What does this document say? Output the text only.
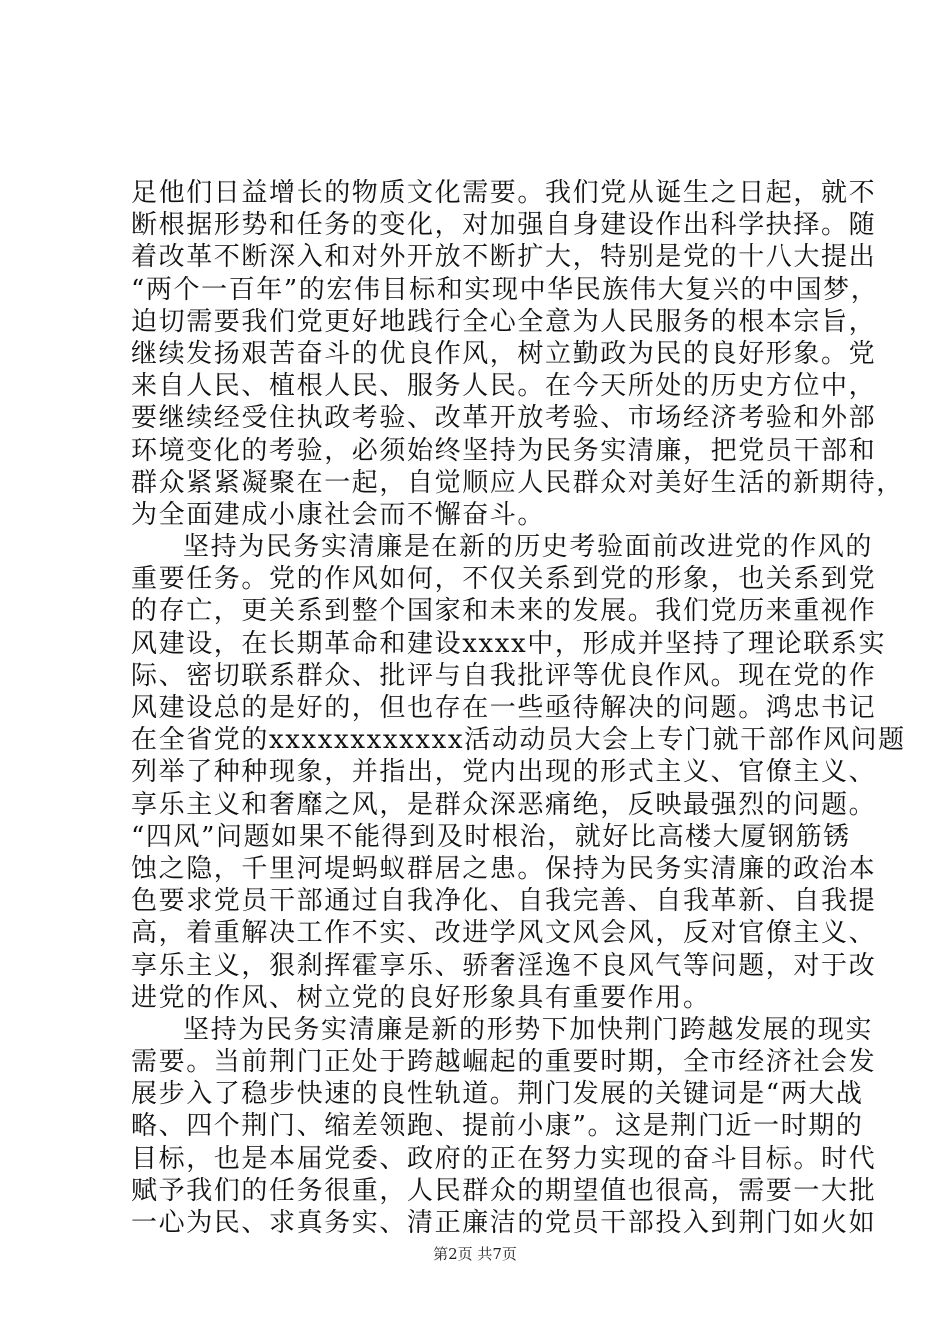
足他们日益增长的物质文化需要。我们党从诞生之日起，就不
断根据形势和任务的变化，对加强自身建设作出科学抉择。随
着改革不断深入和对外开放不断扩大，特别是党的十八大提出
“两个一百年”的宏伟目标和实现中华民族伟大复兴的中国梦，
迫切需要我们党更好地践行全心全意为人民服务的根本宗旨，
继续发扬艰苦奋斗的优良作风，树立勤政为民的良好形象。党
来自人民、植根人民、服务人民。在今天所处的历史方位中，
要继续经受住执政考验、改革开放考验、市场经济考验和外部
环境变化的考验，必须始终坚持为民务实清廉，把党员干部和
群众紧紧凝聚在一起，自觉顺应人民群众对美好生活的新期待，
为全面建成小康社会而不懈奋斗。
坚持为民务实清廉是在新的历史考验面前改进党的作风的
重要任务。党的作风如何，不仅关系到党的形象，也关系到党
的存亡，更关系到整个国家和未来的发展。我们党历来重视作
风建设，在长期革命和建设xxxx中，形成并坚持了理论联系实
际、密切联系群众、批评与自我批评等优良作风。现在党的作
风建设总的是好的，但也存在一些亟待解决的问题。鸿忠书记
在全省党的xxxxxxxxxxxx活动动员大会上专门就干部作风问题
列举了种种现象，并指出，党内出现的形式主义、官僚主义、
享乐主义和奢靡之风，是群众深恶痛绝，反映最强烈的问题。
“四风”问题如果不能得到及时根治，就好比高楼大厦钢筋锈
蚀之隐，千里河堤蚂蚁群居之患。保持为民务实清廉的政治本
色要求党员干部通过自我净化、自我完善、自我革新、自我提
高，着重解决工作不实、改进学风文风会风，反对官僚主义、
享乐主义，狠刹挥霍享乐、骄奢淫逸不良风气等问题，对于改
进党的作风、树立党的良好形象具有重要作用。
坚持为民务实清廉是新的形势下加快荆门跨越发展的现实
需要。当前荆门正处于跨越崛起的重要时期，全市经济社会发
展步入了稳步快速的良性轨道。荆门发展的关键词是“两大战
略、四个荆门、缩差领跑、提前小康”。这是荆门近一时期的
目标，也是本届党委、政府的正在努力实现的奋斗目标。时代
赋予我们的任务很重，人民群众的期望值也很高，需要一大批
一心为民、求真务实、清正廉洁的党员干部投入到荆门如火如
第2页 共7页
